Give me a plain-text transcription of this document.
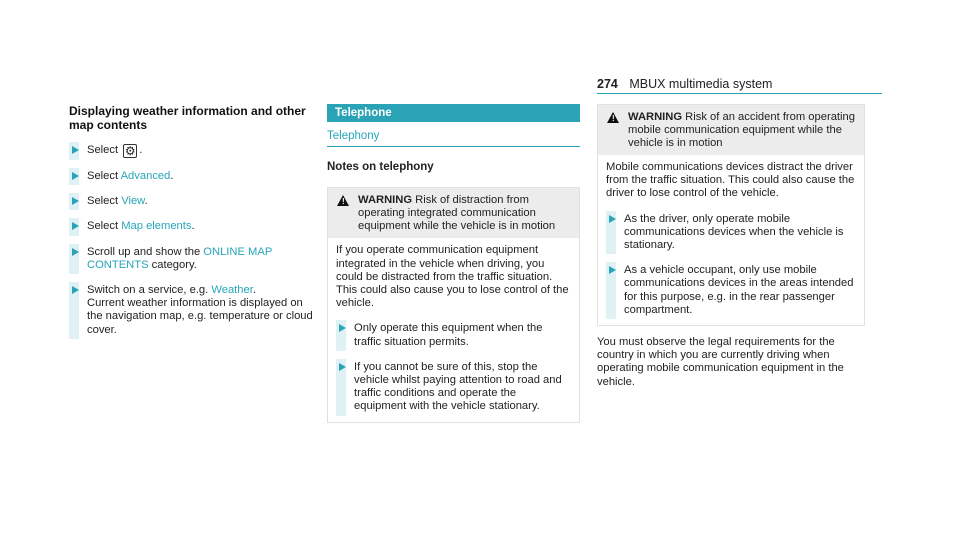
274 MBUX multimedia system
Displaying weather information and other map contents
Select ⚙ .
Select Advanced.
Select View.
Select Map elements.
Scroll up and show the ONLINE MAP CONTENTS category.
Switch on a service, e.g. Weather.
Current weather information is displayed on the navigation map, e.g. temperature or cloud cover.
Telephone
Telephony
Notes on telephony
! WARNING Risk of distraction from operating integrated communication equipment while the vehicle is in motion

If you operate communication equipment integrated in the vehicle when driving, you could be distracted from the traffic situation. This could also cause you to lose control of the vehicle.

Only operate this equipment when the traffic situation permits.
If you cannot be sure of this, stop the vehicle whilst paying attention to road and traffic conditions and operate the equipment with the vehicle stationary.
! WARNING Risk of an accident from operating mobile communication equipment while the vehicle is in motion

Mobile communications devices distract the driver from the traffic situation. This could also cause the driver to lose control of the vehicle.

As the driver, only operate mobile communications devices when the vehicle is stationary.
As a vehicle occupant, only use mobile communications devices in the areas intended for this purpose, e.g. in the rear passenger compartment.

You must observe the legal requirements for the country in which you are currently driving when operating mobile communication equipment in the vehicle.
